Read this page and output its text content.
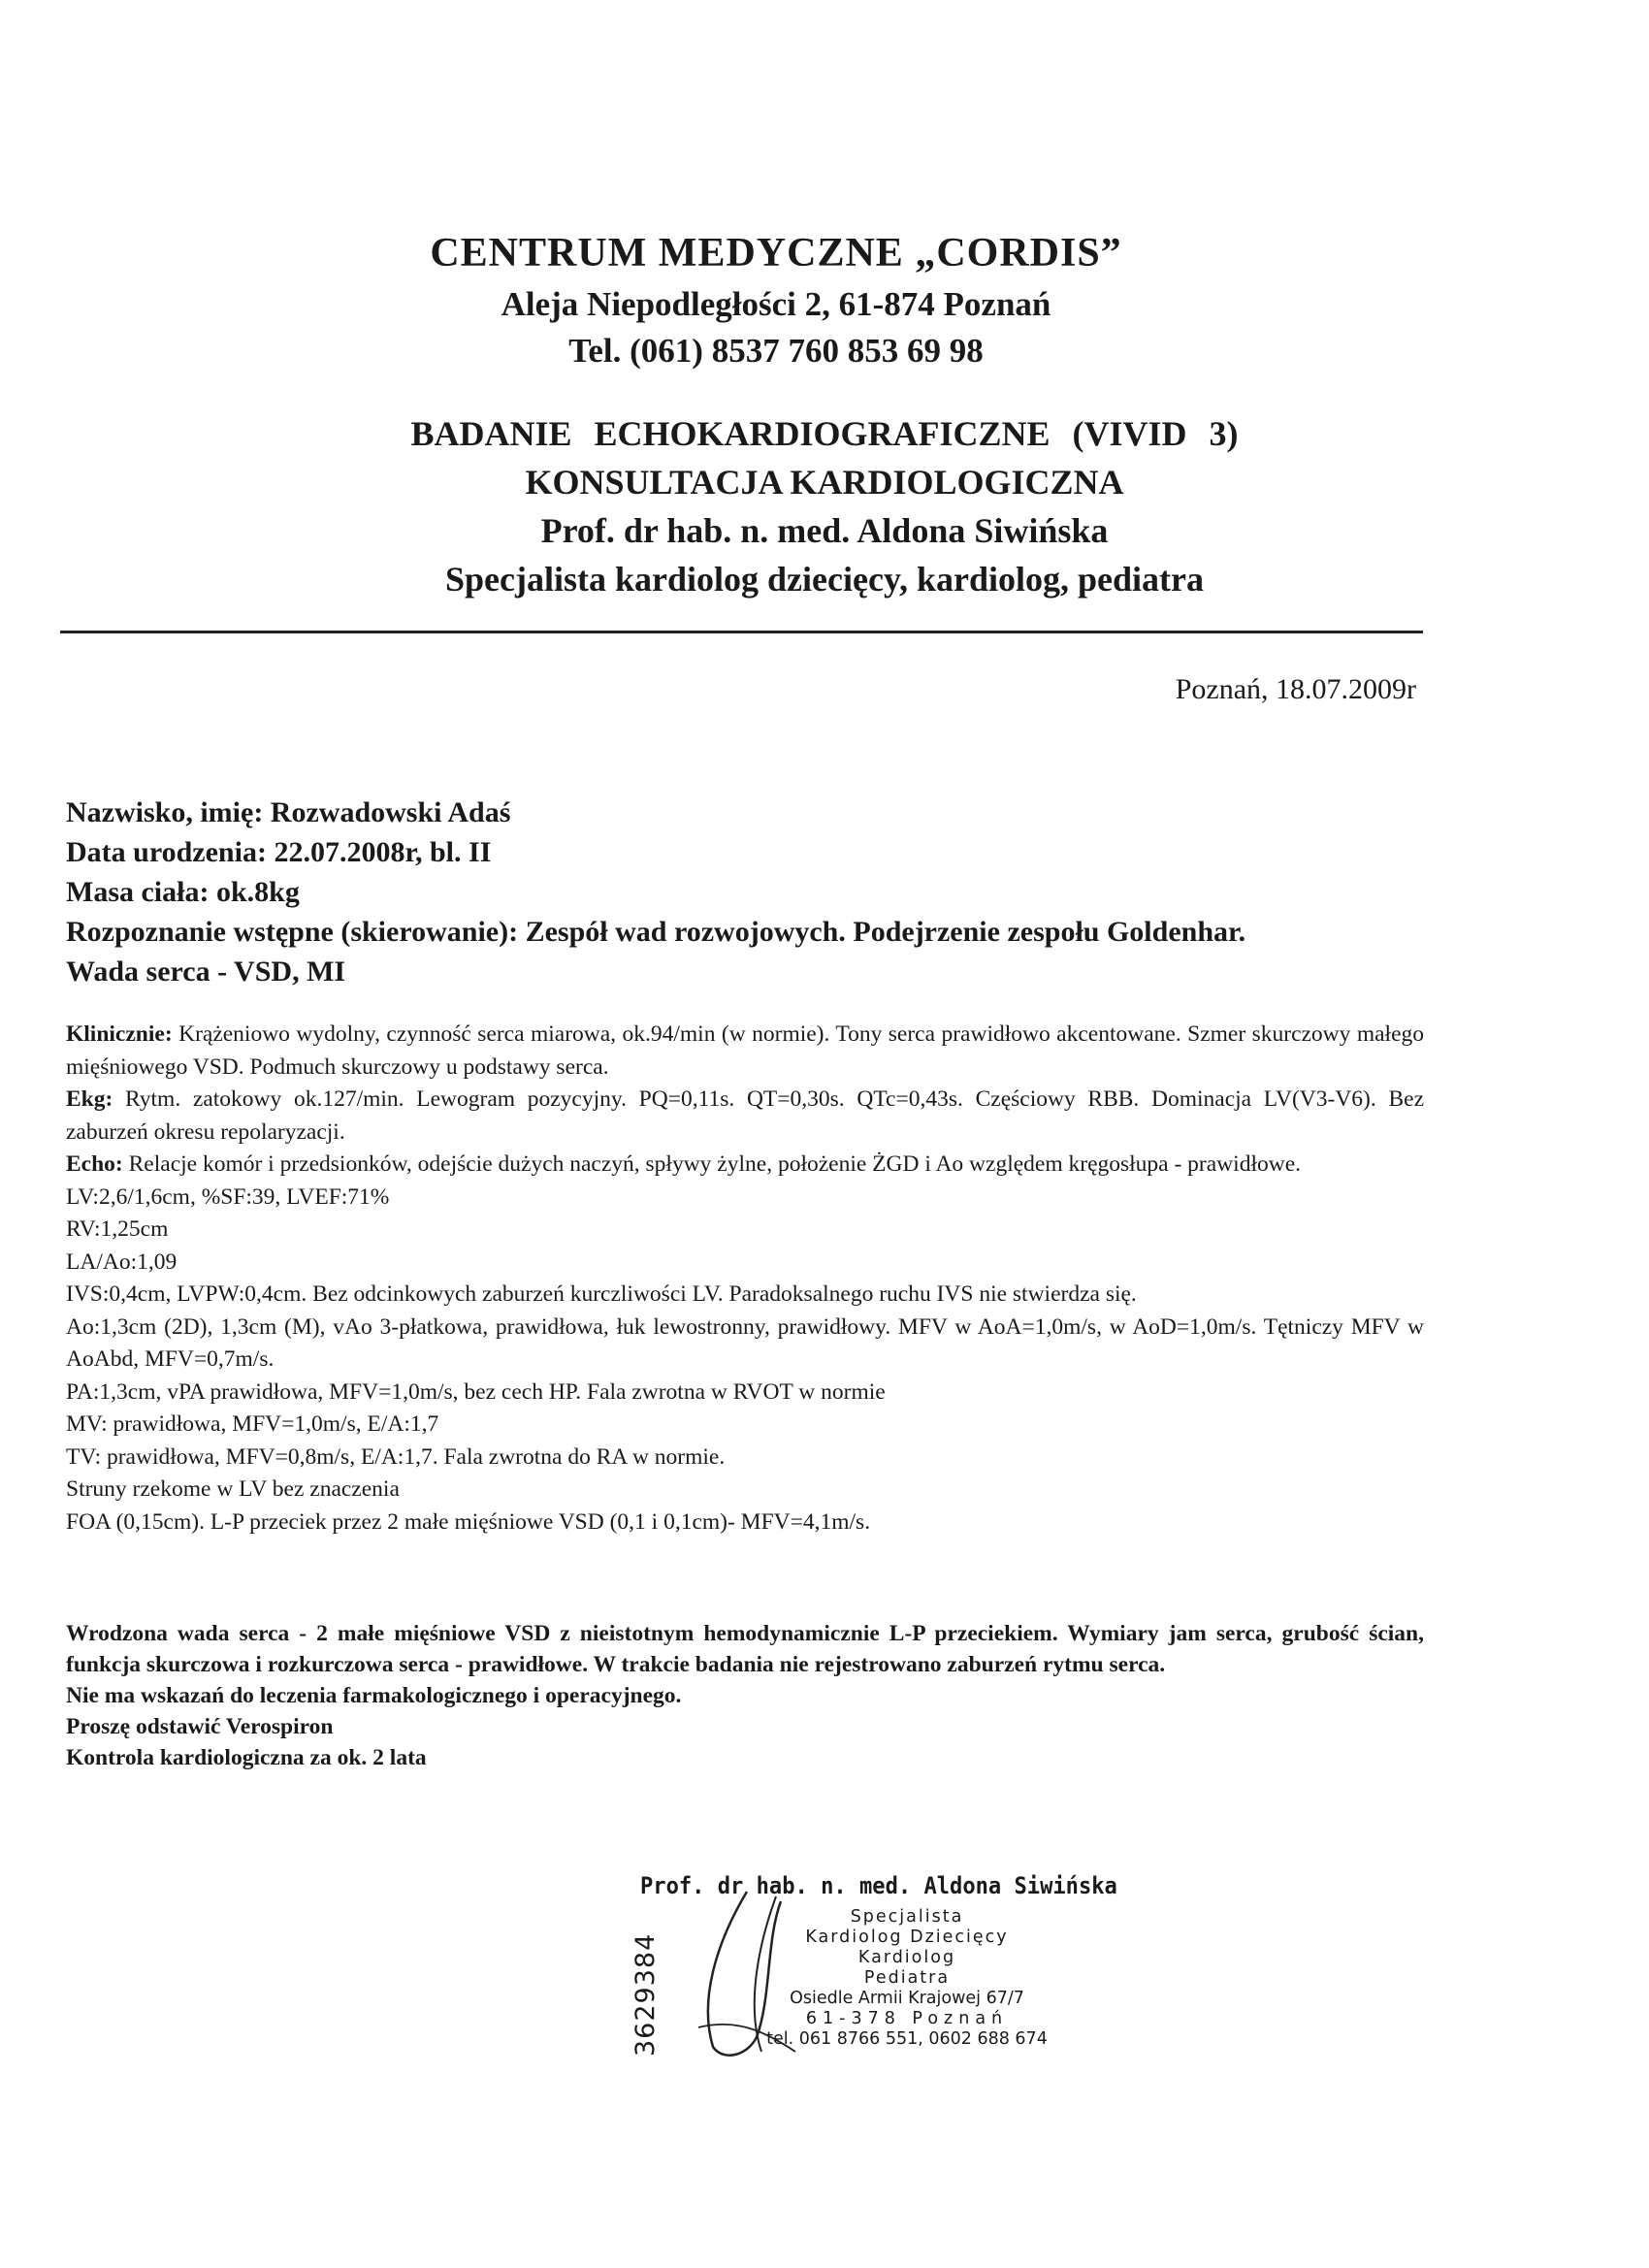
CENTRUM MEDYCZNE „CORDIS”
Aleja Niepodległości 2, 61-874 Poznań
Tel. (061) 8537 760 853 69 98
BADANIE ECHOKARDIOGRAFICZNE (VIVID 3)
KONSULTACJA KARDIOLOGICZNA
Prof. dr hab. n. med. Aldona Siwińska
Specjalista kardiolog dziecięcy, kardiolog, pediatra
Poznań, 18.07.2009r
Nazwisko, imię: Rozwadowski Adaś
Data urodzenia: 22.07.2008r, bl. II
Masa ciała: ok.8kg
Rozpoznanie wstępne (skierowanie): Zespół wad rozwojowych. Podejrzenie zespołu Goldenhar.
Wada serca - VSD, MI
Klinicznie: Krążeniowo wydolny, czynność serca miarowa, ok.94/min (w normie). Tony serca prawidłowo akcentowane. Szmer skurczowy małego mięśniowego VSD. Podmuch skurczowy u podstawy serca.
Ekg: Rytm. zatokowy ok.127/min. Lewogram pozycyjny. PQ=0,11s. QT=0,30s. QTc=0,43s. Częściowy RBB. Dominacja LV(V3-V6). Bez zaburzeń okresu repolaryzacji.
Echo: Relacje komór i przedsionków, odejście dużych naczyń, spływy żylne, położenie ŻGD i Ao względem kręgosłupa - prawidłowe.
LV:2,6/1,6cm, %SF:39, LVEF:71%
RV:1,25cm
LA/Ao:1,09
IVS:0,4cm, LVPW:0,4cm. Bez odcinkowych zaburzeń kurczliwości LV. Paradoksalnego ruchu IVS nie stwierdza się.
Ao:1,3cm (2D), 1,3cm (M), vAo 3-płatkowa, prawidłowa, łuk lewostronny, prawidłowy. MFV w AoA=1,0m/s, w AoD=1,0m/s. Tętniczy MFV w AoAbd, MFV=0,7m/s.
PA:1,3cm, vPA prawidłowa, MFV=1,0m/s, bez cech HP. Fala zwrotna w RVOT w normie
MV: prawidłowa, MFV=1,0m/s, E/A:1,7
TV: prawidłowa, MFV=0,8m/s, E/A:1,7. Fala zwrotna do RA w normie.
Struny rzekome w LV bez znaczenia
FOA (0,15cm). L-P przeciek przez 2 małe mięśniowe VSD (0,1 i 0,1cm)- MFV=4,1m/s.
Wrodzona wada serca - 2 małe mięśniowe VSD z nieistotnym hemodynamicznie L-P przeciekiem. Wymiary jam serca, grubość ścian, funkcja skurczowa i rozkurczowa serca - prawidłowe. W trakcie badania nie rejestrowano zaburzeń rytmu serca.
Nie ma wskazań do leczenia farmakologicznego i operacyjnego.
Proszę odstawić Verospiron
Kontrola kardiologiczna za ok. 2 lata
Prof. dr hab. n. med. Aldona Siwińska
3629384
Specjalista
Kardiolog Dziecięcy
Kardiolog
Pediatra
Osiedle Armii Krajowej 67/7
61-378 Poznań
tel. 061 8766 551, 0602 688 674
